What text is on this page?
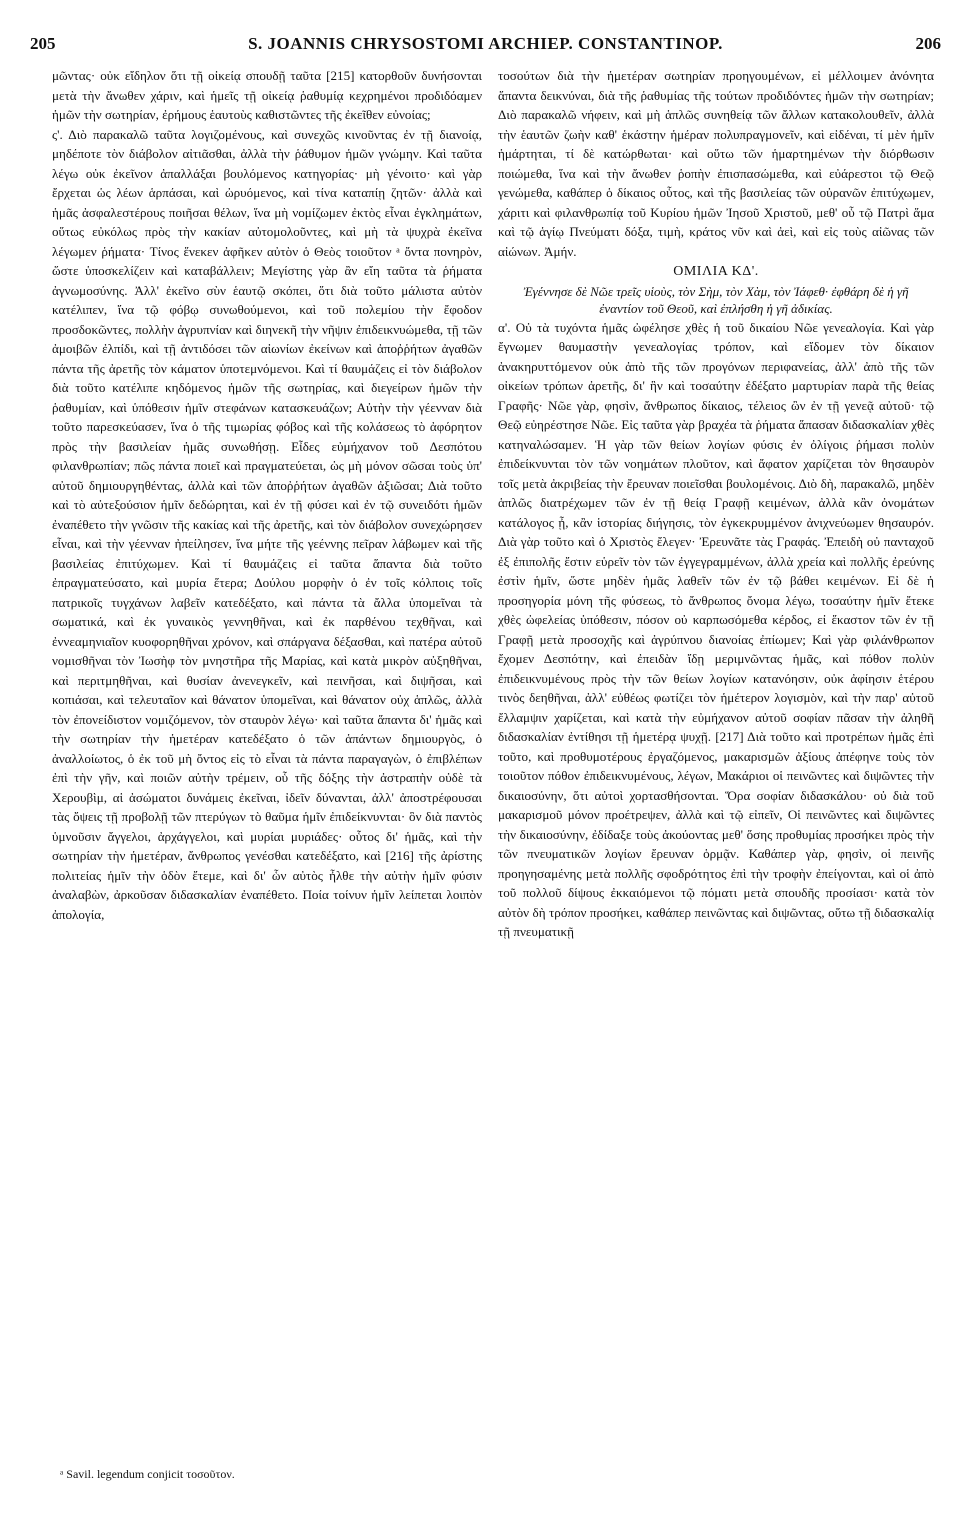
205	S. JOANNIS CHRYSOSTOMI ARCHIEP. CONSTANTINOP.	206

μῶντας· οὐκ εἴδηλον ὅτι τῇ οἰκείᾳ σπουδῇ ταῦτα [215] κατορθοῦν δυνήσονται μετὰ τὴν ἄνωθεν χάριν, καὶ ἡμεῖς τῇ οἰκείᾳ ῥαθυμίᾳ κεχρημένοι προδιδόαμεν ἡμῶν τὴν σωτηρίαν, ἐρήμους ἑαυτοὺς καθιστῶντες τῆς ἐκεῖθεν εὐνοίας;

ς'. Διὸ παρακαλῶ ταῦτα λογιζομένους, καὶ συνεχῶς κινοῦντας ἐν τῇ διανοίᾳ, μηδέποτε τὸν διάβολον αἰτιᾶσθαι, ἀλλὰ τὴν ῥάθυμον ἡμῶν γνώμην. Καὶ ταῦτα λέγω οὐκ ἐκεῖνον ἀπαλλάξαι βουλόμενος κατηγορίας· μὴ γένοιτο· καὶ γὰρ ἔρχεται ὡς λέων ἁρπάσαι, καὶ ὠρυόμενος, καὶ τίνα καταπίῃ ζητῶν· ἀλλὰ καὶ ἡμᾶς ἀσφαλεστέρους ποιῆσαι θέλων, ἵνα μὴ νομίζωμεν ἐκτὸς εἶναι ἐγκλημάτων, οὕτως εὐκόλως πρὸς τὴν κακίαν αὐτομολοῦντες, καὶ μὴ τὰ ψυχρὰ ἐκεῖνα λέγωμεν ῥήματα· Τίνος ἕνεκεν ἀφῆκεν αὐτὸν ὁ Θεὸς τοιοῦτον ᵃ ὄντα πονηρὸν, ὥστε ὑποσκελίζειν καὶ καταβάλλειν; Μεγίστης γὰρ ἂν εἴη ταῦτα τὰ ῥήματα ἀγνωμοσύνης. Ἀλλ' ἐκεῖνο σὺν ἑαυτῷ σκόπει, ὅτι διὰ τοῦτο μάλιστα αὐτὸν κατέλιπεν, ἵνα τῷ φόβῳ συνωθούμενοι, καὶ τοῦ πολεμίου τὴν ἔφοδον προσδοκῶντες, πολλὴν ἀγρυπνίαν καὶ διηνεκῆ τὴν νῆψιν ἐπιδεικνυώμεθα, τῇ τῶν ἀμοιβῶν ἐλπίδι, καὶ τῇ ἀντιδόσει τῶν αἰωνίων ἐκείνων καὶ ἀποῤῥήτων ἀγαθῶν πάντα τῆς ἀρετῆς τὸν κάματον ὑποτεμνόμενοι. Καὶ τί θαυμάζεις εἰ τὸν διάβολον διὰ τοῦτο κατέλιπε κηδόμενος ἡμῶν τῆς σωτηρίας, καὶ διεγείρων ἡμῶν τὴν ῥαθυμίαν, καὶ ὑπόθεσιν ἡμῖν στεφάνων κατασκευάζων; Αὐτὴν τὴν γέενναν διὰ τοῦτο παρεσκεύασεν, ἵνα ὁ τῆς τιμωρίας φόβος καὶ τῆς κολάσεως τὸ ἀφόρητον πρὸς τὴν βασιλείαν ἡμᾶς συνωθήσῃ. Εἶδες εὐμήχανον τοῦ Δεσπότου φιλανθρωπίαν; πῶς πάντα ποιεῖ καὶ πραγματεύεται, ὡς μὴ μόνον σῶσαι τοὺς ὑπ' αὐτοῦ δημιουργηθέντας, ἀλλὰ καὶ τῶν ἀποῤῥήτων ἀγαθῶν ἀξιῶσαι; Διὰ τοῦτο καὶ τὸ αὐτεξούσιον ἡμῖν δεδώρηται, καὶ ἐν τῇ φύσει καὶ ἐν τῷ συνειδότι ἡμῶν ἐναπέθετο τὴν γνῶσιν τῆς κακίας καὶ τῆς ἀρετῆς, καὶ τὸν διάβολον συνεχώρησεν εἶναι, καὶ τὴν γέενναν ἠπείλησεν, ἵνα μήτε τῆς γεέννης πεῖραν λάβωμεν καὶ τῆς βασιλείας ἐπιτύχωμεν. Καὶ τί θαυμάζεις εἰ ταῦτα ἅπαντα διὰ τοῦτο ἐπραγματεύσατο, καὶ μυρία ἕτερα; Δούλου μορφὴν ὁ ἐν τοῖς κόλποις τοῖς πατρικοῖς τυγχάνων λαβεῖν κατεδέξατο, καὶ πάντα τὰ ἄλλα ὑπομεῖναι τὰ σωματικά, καὶ ἐκ γυναικὸς γεννηθῆναι, καὶ ἐκ παρθένου τεχθῆναι, καὶ ἐννεαμηνιαῖον κυοφορηθῆναι χρόνον, καὶ σπάργανα δέξασθαι, καὶ πατέρα αὐτοῦ νομισθῆναι τὸν Ἰωσὴφ τὸν μνηστῆρα τῆς Μαρίας, καὶ κατὰ μικρὸν αὐξηθῆναι, καὶ περιτμηθῆναι, καὶ θυσίαν ἀνενεγκεῖν, καὶ πεινῆσαι, καὶ διψῆσαι, καὶ κοπιάσαι, καὶ τελευταῖον καὶ θάνατον ὑπομεῖναι, καὶ θάνατον οὐχ ἁπλῶς, ἀλλὰ τὸν ἐπονείδιστον νομιζόμενον, τὸν σταυρὸν λέγω· καὶ ταῦτα ἅπαντα δι' ἡμᾶς καὶ τὴν σωτηρίαν τὴν ἡμετέραν κατεδέξατο ὁ τῶν ἁπάντων δημιουργὸς, ὁ ἀναλλοίωτος, ὁ ἐκ τοῦ μὴ ὄντος εἰς τὸ εἶναι τὰ πάντα παραγαγὼν, ὁ ἐπιβλέπων ἐπὶ τὴν γῆν, καὶ ποιῶν αὐτὴν τρέμειν, οὗ τῆς δόξης τὴν ἀστραπὴν οὐδὲ τὰ Χερουβὶμ, αἱ ἀσώματοι δυνάμεις ἐκεῖναι, ἰδεῖν δύνανται, ἀλλ' ἀποστρέφουσαι τὰς ὄψεις τῇ προβολῇ τῶν πτερύγων τὸ θαῦμα ἡμῖν ἐπιδείκνυνται· ὃν διὰ παντὸς ὑμνοῦσιν ἄγγελοι, ἀρχάγγελοι, καὶ μυρίαι μυριάδες· οὗτος δι' ἡμᾶς, καὶ τὴν σωτηρίαν τὴν ἡμετέραν, ἄνθρωπος γενέσθαι κατεδέξατο, καὶ [216] τῆς ἀρίστης πολιτείας ἡμῖν τὴν ὁδὸν ἔτεμε, καὶ δι' ὧν αὐτὸς ἦλθε τὴν αὐτὴν ἡμῖν φύσιν ἀναλαβὼν, ἀρκοῦσαν διδασκαλίαν ἐναπέθετο. Ποία τοίνυν ἡμῖν λείπεται λοιπὸν ἀπολογία,

τοσούτων διὰ τὴν ἡμετέραν σωτηρίαν προηγουμένων, εἰ μέλλοιμεν ἀνόνητα ἅπαντα δεικνύναι, διὰ τῆς ῥαθυμίας τῆς τούτων προδιδόντες ἡμῶν τὴν σωτηρίαν; Διὸ παρακαλῶ νήφειν, καὶ μὴ ἁπλῶς συνηθείᾳ τῶν ἄλλων κατακολουθεῖν, ἀλλὰ τὴν ἑαυτῶν ζωὴν καθ' ἑκάστην ἡμέραν πολυπραγμονεῖν, καὶ εἰδέναι, τί μὲν ἡμῖν ἡμάρτηται, τί δὲ κατώρθωται· καὶ οὕτω τῶν ἡμαρτημένων τὴν διόρθωσιν ποιώμεθα, ἵνα καὶ τὴν ἄνωθεν ῥοπὴν ἐπισπασώμεθα, καὶ εὐάρεστοι τῷ Θεῷ γενώμεθα, καθάπερ ὁ δίκαιος οὗτος, καὶ τῆς βασιλείας τῶν οὐρανῶν ἐπιτύχωμεν, χάριτι καὶ φιλανθρωπίᾳ τοῦ Κυρίου ἡμῶν Ἰησοῦ Χριστοῦ, μεθ' οὗ τῷ Πατρὶ ἅμα καὶ τῷ ἁγίῳ Πνεύματι δόξα, τιμὴ, κράτος νῦν καὶ ἀεὶ, καὶ εἰς τοὺς αἰῶνας τῶν αἰώνων. Ἀμήν.

ΟΜΙΛΙΑ ΚΔ'.
Ἐγέννησε δὲ Νῶε τρεῖς υἱοὺς, τὸν Σὴμ, τὸν Χὰμ, τὸν Ἰάφεθ· ἐφθάρη δὲ ἡ γῆ ἐναντίον τοῦ Θεοῦ, καὶ ἐπλήσθη ἡ γῆ ἀδικίας.

α'. Οὐ τὰ τυχόντα ἡμᾶς ὠφέλησε χθὲς ἡ τοῦ δικαίου Νῶε γενεαλογία. Καὶ γὰρ ἔγνωμεν θαυμαστὴν γενεαλογίας τρόπον, καὶ εἴδομεν τὸν δίκαιον ἀνακηρυττόμενον οὐκ ἀπὸ τῆς τῶν προγόνων περιφανείας, ἀλλ' ἀπὸ τῆς τῶν οἰκείων τρόπων ἀρετῆς, δι' ἣν καὶ τοσαύτην ἐδέξατο μαρτυρίαν παρὰ τῆς θείας Γραφῆς· Νῶε γὰρ, φησὶν, ἄνθρωπος δίκαιος, τέλειος ὢν ἐν τῇ γενεᾷ αὐτοῦ· τῷ Θεῷ εὐηρέστησε Νῶε. Εἰς ταῦτα γὰρ βραχέα τὰ ῥήματα ἅπασαν διδασκαλίαν χθὲς κατηναλώσαμεν. Ἡ γὰρ τῶν θείων λογίων φύσις ἐν ὀλίγοις ῥήμασι πολὺν ἐπιδείκνυνται τὸν τῶν νοημάτων πλοῦτον, καὶ ἄφατον χαρίζεται τὸν θησαυρὸν τοῖς μετὰ ἀκριβείας τὴν ἔρευναν ποιεῖσθαι βουλομένοις. Διὸ δὴ, παρακαλῶ, μηδὲν ἁπλῶς διατρέχωμεν τῶν ἐν τῇ θείᾳ Γραφῇ κειμένων, ἀλλὰ κἂν ὀνομάτων κατάλογος ᾖ, κἂν ἱστορίας διήγησις, τὸν ἐγκεκρυμμένον ἀνιχνεύωμεν θησαυρόν. Διὰ γὰρ τοῦτο καὶ ὁ Χριστὸς ἔλεγεν· Ἐρευνᾶτε τὰς Γραφάς. Ἐπειδὴ οὐ πανταχοῦ ἐξ ἐπιπολῆς ἔστιν εὑρεῖν τὸν τῶν ἐγγεγραμμένων, ἀλλὰ χρεία καὶ πολλῆς ἐρεύνης ἐστὶν ἡμῖν, ὥστε μηδὲν ἡμᾶς λαθεῖν τῶν ἐν τῷ βάθει κειμένων. Εἰ δὲ ἡ προσηγορία μόνη τῆς φύσεως, τὸ ἄνθρωπος ὄνομα λέγω, τοσαύτην ἡμῖν ἔτεκε χθὲς ὠφελείας ὑπόθεσιν, πόσον οὐ καρπωσόμεθα κέρδος, εἰ ἕκαστον τῶν ἐν τῇ Γραφῇ μετὰ προσοχῆς καὶ ἀγρύπνου διανοίας ἐπίωμεν; Καὶ γὰρ φιλάνθρωπον ἔχομεν Δεσπότην, καὶ ἐπειδὰν ἴδῃ μεριμνῶντας ἡμᾶς, καὶ πόθον πολὺν ἐπιδεικνυμένους πρὸς τὴν τῶν θείων λογίων κατανόησιν, οὐκ ἀφίησιν ἑτέρου τινὸς δεηθῆναι, ἀλλ' εὐθέως φωτίζει τὸν ἡμέτερον λογισμὸν, καὶ τὴν παρ' αὐτοῦ ἔλλαμψιν χαρίζεται, καὶ κατὰ τὴν εὐμήχανον αὐτοῦ σοφίαν πᾶσαν τὴν ἀληθῆ διδασκαλίαν ἐντίθησι τῇ ἡμετέρᾳ ψυχῇ. [217] Διὰ τοῦτο καὶ προτρέπων ἡμᾶς ἐπὶ τοῦτο, καὶ προθυμοτέρους ἐργαζόμενος, μακαρισμῶν ἀξίους ἀπέφηνε τοὺς τὸν τοιοῦτον πόθον ἐπιδεικνυμένους, λέγων, Μακάριοι οἱ πεινῶντες καὶ διψῶντες τὴν δικαιοσύνην, ὅτι αὐτοὶ χορτασθήσονται. Ὅρα σοφίαν διδασκάλου· οὐ διὰ τοῦ μακαρισμοῦ μόνον προέτρεψεν, ἀλλὰ καὶ τῷ εἰπεῖν, Οἱ πεινῶντες καὶ διψῶντες τὴν δικαιοσύνην, ἐδίδαξε τοὺς ἀκούοντας μεθ' ὅσης προθυμίας προσήκει πρὸς τὴν τῶν πνευματικῶν λογίων ἔρευναν ὁρμᾷν. Καθάπερ γὰρ, φησὶν, οἱ πεινῆς προηγησαμένης μετὰ πολλῆς σφοδρότητος ἐπὶ τὴν τροφὴν ἐπείγονται, καὶ οἱ ἀπὸ τοῦ πολλοῦ δίψους ἐκκαιόμενοι τῷ πόματι μετὰ σπουδῆς προσίασι· κατὰ τὸν αὐτὸν δὴ τρόπον προσήκει, καθάπερ πεινῶντας καὶ διψῶντας, οὕτω τῇ διδασκαλίᾳ τῇ πνευματικῇ

ᵃ Savil. legendum conjicit τοσοῦτον.
